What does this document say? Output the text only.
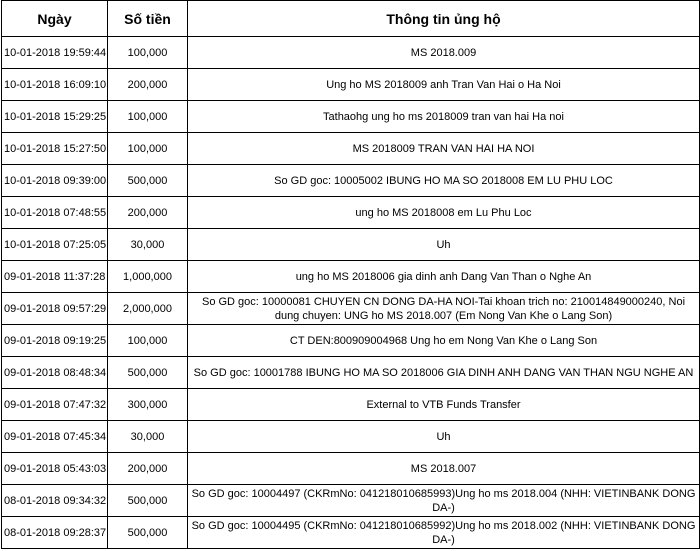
Ngày	Số tiền	Thông tin ủng hộ
10-01-2018 19:59:44	100,000	MS 2018.009
10-01-2018 16:09:10	200,000	Ung ho MS 2018009 anh Tran Van Hai o Ha Noi
10-01-2018 15:29:25	100,000	Tathaohg ung ho ms 2018009 tran van hai Ha noi
10-01-2018 15:27:50	100,000	MS 2018009 TRAN VAN HAI HA NOI
10-01-2018 09:39:00	500,000	So GD goc: 10005002 IBUNG HO MA SO 2018008 EM LU PHU LOC
10-01-2018 07:48:55	200,000	ung ho MS 2018008 em Lu Phu Loc
10-01-2018 07:25:05	30,000	Uh
09-01-2018 11:37:28	1,000,000	ung ho MS 2018006 gia dinh anh Dang Van Than o Nghe An
09-01-2018 09:57:29	2,000,000	So GD goc: 10000081 CHUYEN CN DONG DA-HA NOI-Tai khoan trich no: 210014849000240, Noi dung chuyen: UNG ho MS 2018.007 (Em Nong Van Khe o Lang Son)
09-01-2018 09:19:25	100,000	CT DEN:800909004968 Ung ho em Nong Van Khe o Lang Son
09-01-2018 08:48:34	500,000	So GD goc: 10001788 IBUNG HO MA SO 2018006 GIA DINH ANH DANG VAN THAN NGU NGHE AN
09-01-2018 07:47:32	300,000	External to VTB Funds Transfer
09-01-2018 07:45:34	30,000	Uh
09-01-2018 05:43:03	200,000	MS 2018.007
08-01-2018 09:34:32	500,000	So GD goc: 10004497 (CKRmNo: 041218010685993)Ung ho ms 2018.004 (NHH: VIETINBANK DONG DA-)
08-01-2018 09:28:37	500,000	So GD goc: 10004495 (CKRmNo: 041218010685992)Ung ho ms 2018.002 (NHH: VIETINBANK DONG DA-)
